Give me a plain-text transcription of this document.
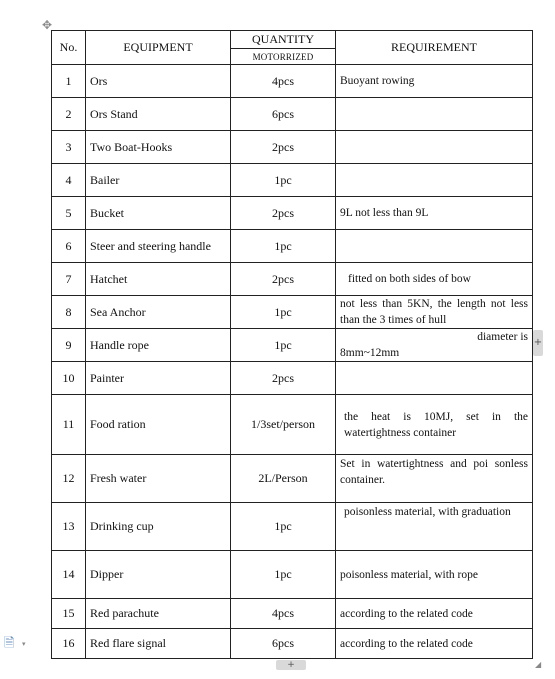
✥
No.	EQUIPMENT	QUANTITY	REQUIREMENT
		MOTORRIZED	
1	Ors	4pcs	Buoyant rowing
2	Ors Stand	6pcs	
3	Two Boat-Hooks	2pcs	
4	Bailer	1pc	
5	Bucket	2pcs	9L not less than 9L
6	Steer and steering handle	1pc	
7	Hatchet	2pcs	fitted on both sides of bow
8	Sea Anchor	1pc	not less than 5KN, the length not less than the 3 times of hull
9	Handle rope	1pc	diameter is
8mm~12mm

10	Painter	2pcs	
11	Food ration	1/3set/person	the heat is 10MJ, set in the watertightness container
12	Fresh water	2L/Person	Set in watertightness and poi sonless container.
13	Drinking cup	1pc	poisonless material, with graduation
14	Dipper	1pc	poisonless material, with rope
15	Red parachute	4pcs	according to the related code
16	Red flare signal	6pcs	according to the related code
+
+	◢
🗎	▾
